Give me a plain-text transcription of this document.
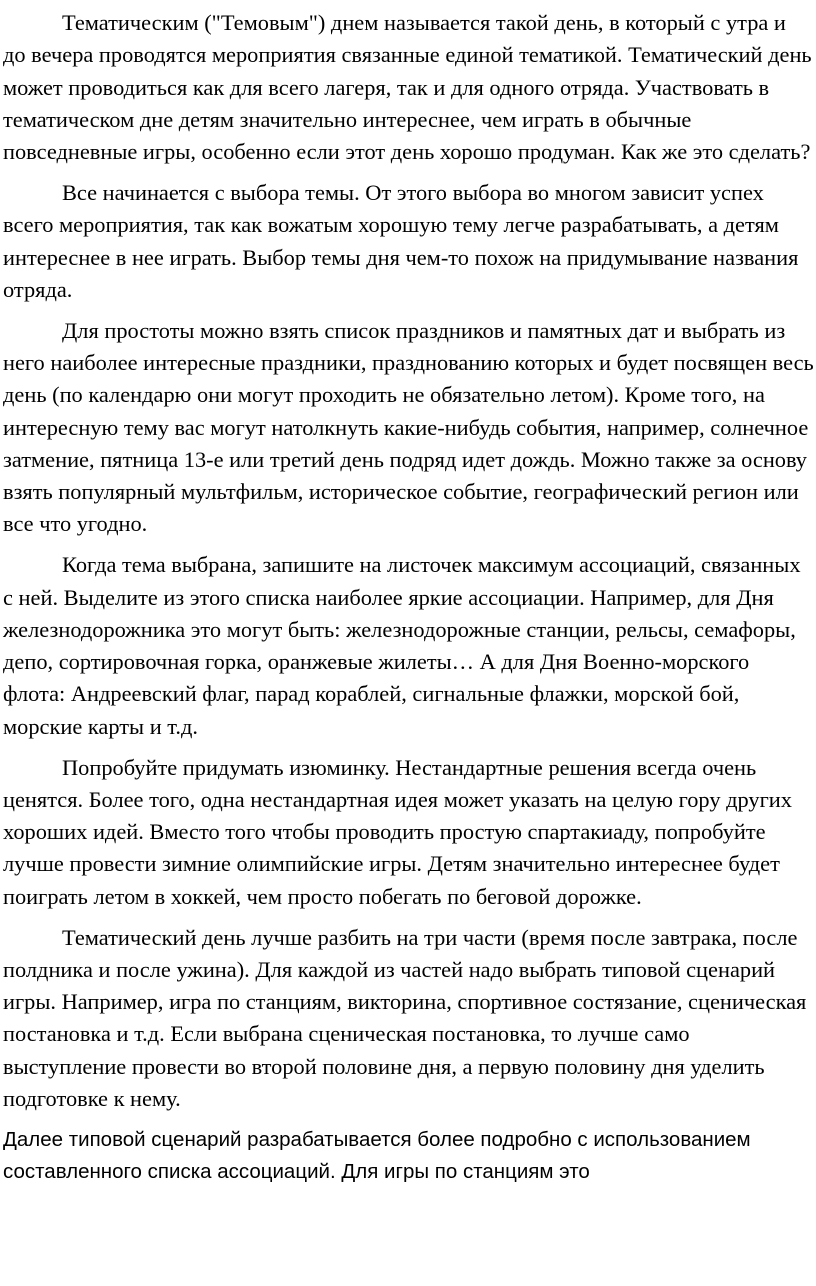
Тематическим ("Темовым") днем называется такой день, в который с утра и до вечера проводятся мероприятия связанные единой тематикой. Тематический день может проводиться как для всего лагеря, так и для одного отряда. Участвовать в тематическом дне детям значительно интереснее, чем играть в обычные повседневные игры, особенно если этот день хорошо продуман. Как же это сделать?

Все начинается с выбора темы. От этого выбора во многом зависит успех всего мероприятия, так как вожатым хорошую тему легче разрабатывать, а детям интереснее в нее играть. Выбор темы дня чем-то похож на придумывание названия отряда.

Для простоты можно взять список праздников и памятных дат и выбрать из него наиболее интересные праздники, празднованию которых и будет посвящен весь день (по календарю они могут проходить не обязательно летом). Кроме того, на интересную тему вас могут натолкнуть какие-нибудь события, например, солнечное затмение, пятница 13-е или третий день подряд идет дождь. Можно также за основу взять популярный мультфильм, историческое событие, географический регион или все что угодно.

Когда тема выбрана, запишите на листочек максимум ассоциаций, связанных с ней. Выделите из этого списка наиболее яркие ассоциации. Например, для Дня железнодорожника это могут быть: железнодорожные станции, рельсы, семафоры, депо, сортировочная горка, оранжевые жилеты… А для Дня Военно-морского флота: Андреевский флаг, парад кораблей, сигнальные флажки, морской бой, морские карты и т.д.

Попробуйте придумать изюминку. Нестандартные решения всегда очень ценятся. Более того, одна нестандартная идея может указать на целую гору других хороших идей. Вместо того чтобы проводить простую спартакиаду, попробуйте лучше провести зимние олимпийские игры. Детям значительно интереснее будет поиграть летом в хоккей, чем просто побегать по беговой дорожке.

Тематический день лучше разбить на три части (время после завтрака, после полдника и после ужина). Для каждой из частей надо выбрать типовой сценарий игры. Например, игра по станциям, викторина, спортивное состязание, сценическая постановка и т.д. Если выбрана сценическая постановка, то лучше само выступление провести во второй половине дня, а первую половину дня уделить подготовке к нему.

Далее типовой сценарий разрабатывается более подробно с использованием составленного списка ассоциаций. Для игры по станциям это
